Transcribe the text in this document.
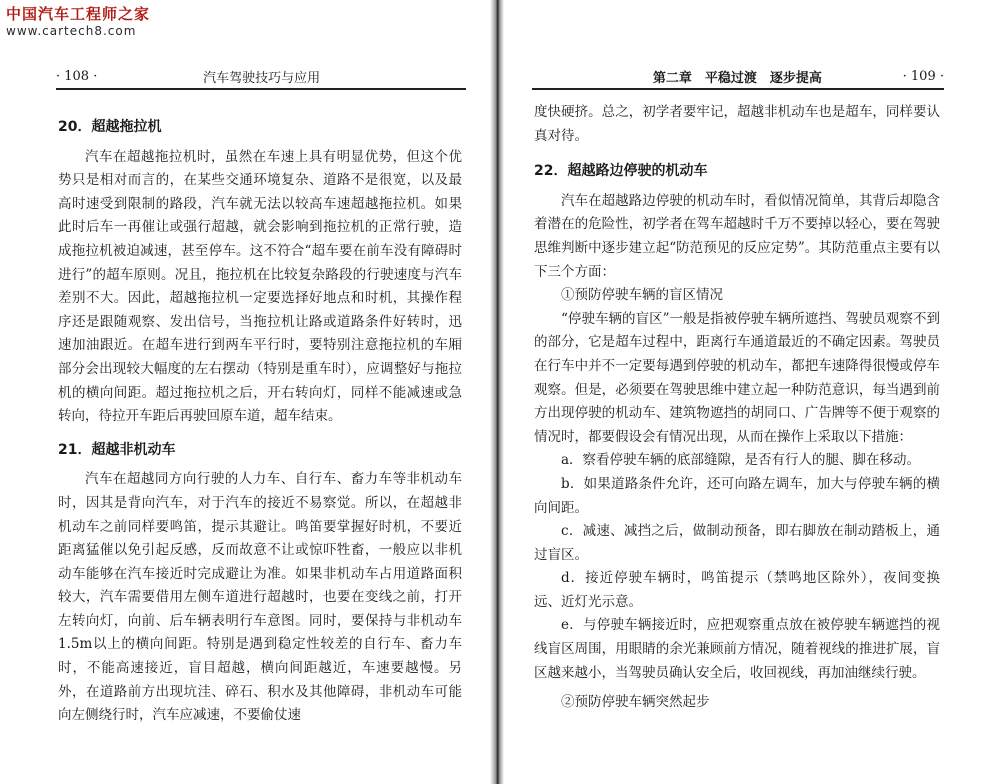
中国汽车工程师之家
www.cartech8.com
· 108 ·	汽车驾驶技巧与应用
20．超越拖拉机

汽车在超越拖拉机时，虽然在车速上具有明显优势，但这个优势只是相对而言的，在某些交通环境复杂、道路不是很宽，以及最高时速受到限制的路段，汽车就无法以较高车速超越拖拉机。如果此时后车一再催让或强行超越，就会影响到拖拉机的正常行驶，造成拖拉机被迫减速，甚至停车。这不符合“超车要在前车没有障碍时进行”的超车原则。况且，拖拉机在比较复杂路段的行驶速度与汽车差别不大。因此，超越拖拉机一定要选择好地点和时机，其操作程序还是跟随观察、发出信号，当拖拉机让路或道路条件好转时，迅速加油跟近。在超车进行到两车平行时，要特别注意拖拉机的车厢部分会出现较大幅度的左右摆动（特别是重车时），应调整好与拖拉机的横向间距。超过拖拉机之后，开右转向灯，同样不能减速或急转向，待拉开车距后再驶回原车道，超车结束。

21．超越非机动车

汽车在超越同方向行驶的人力车、自行车、畜力车等非机动车时，因其是背向汽车，对于汽车的接近不易察觉。所以，在超越非机动车之前同样要鸣笛，提示其避让。鸣笛要掌握好时机，不要近距离猛催以免引起反感，反而故意不让或惊吓牲畜，一般应以非机动车能够在汽车接近时完成避让为准。如果非机动车占用道路面积较大，汽车需要借用左侧车道进行超越时，也要在变线之前，打开左转向灯，向前、后车辆表明行车意图。同时，要保持与非机动车1.5m以上的横向间距。特别是遇到稳定性较差的自行车、畜力车时，不能高速接近，盲目超越，横向间距越近，车速要越慢。另外，在道路前方出现坑洼、碎石、积水及其他障碍，非机动车可能向左侧绕行时，汽车应减速，不要偷仗速

第二章　平稳过渡　逐步提高	· 109 ·

度快硬挤。总之，初学者要牢记，超越非机动车也是超车，同样要认真对待。

22．超越路边停驶的机动车

汽车在超越路边停驶的机动车时，看似情况简单，其背后却隐含着潜在的危险性，初学者在驾车超越时千万不要掉以轻心，要在驾驶思维判断中逐步建立起“防范预见的反应定势”。其防范重点主要有以下三个方面：

①预防停驶车辆的盲区情况

“停驶车辆的盲区”一般是指被停驶车辆所遮挡、驾驶员观察不到的部分，它是超车过程中，距离行车通道最近的不确定因素。驾驶员在行车中并不一定要每遇到停驶的机动车，都把车速降得很慢或停车观察。但是，必须要在驾驶思维中建立起一种防范意识，每当遇到前方出现停驶的机动车、建筑物遮挡的胡同口、广告牌等不便于观察的情况时，都要假设会有情况出现，从而在操作上采取以下措施：

a．察看停驶车辆的底部缝隙，是否有行人的腿、脚在移动。

b．如果道路条件允许，还可向路左调车，加大与停驶车辆的横向间距。

c．减速、减挡之后，做制动预备，即右脚放在制动踏板上，通过盲区。

d．接近停驶车辆时，鸣笛提示（禁鸣地区除外），夜间变换远、近灯光示意。

e．与停驶车辆接近时，应把观察重点放在被停驶车辆遮挡的视线盲区周围，用眼睛的余光兼顾前方情况，随着视线的推进扩展，盲区越来越小，当驾驶员确认安全后，收回视线，再加油继续行驶。

②预防停驶车辆突然起步
